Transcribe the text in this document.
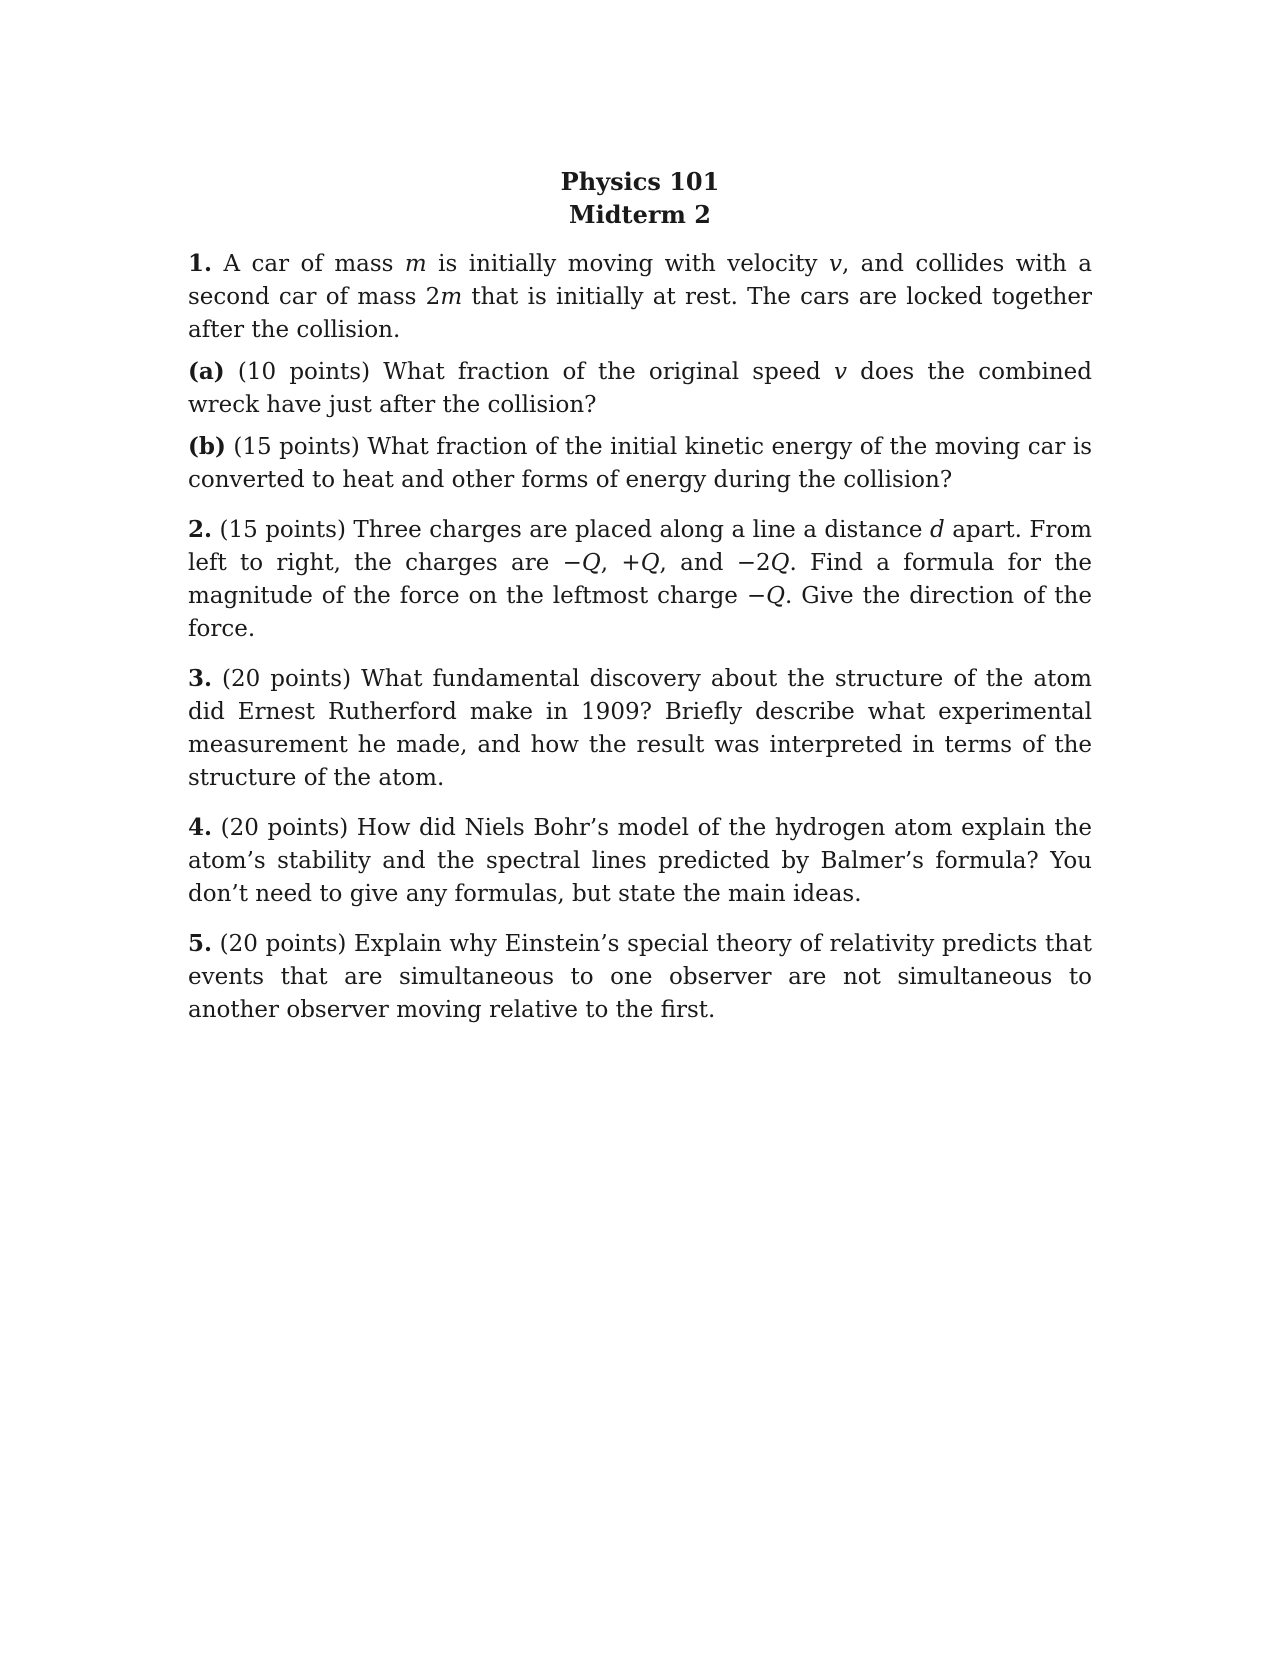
Physics 101
Midterm 2

1. A car of mass m is initially moving with velocity v, and collides with a second car of mass 2m that is initially at rest. The cars are locked together after the collision.

(a) (10 points) What fraction of the original speed v does the combined wreck have just after the collision?

(b) (15 points) What fraction of the initial kinetic energy of the moving car is converted to heat and other forms of energy during the collision?

2. (15 points) Three charges are placed along a line a distance d apart. From left to right, the charges are −Q, +Q, and −2Q. Find a formula for the magnitude of the force on the leftmost charge −Q. Give the direction of the force.

3. (20 points) What fundamental discovery about the structure of the atom did Ernest Rutherford make in 1909? Briefly describe what experimental measurement he made, and how the result was interpreted in terms of the structure of the atom.

4. (20 points) How did Niels Bohr’s model of the hydrogen atom explain the atom’s stability and the spectral lines predicted by Balmer’s formula? You don’t need to give any formulas, but state the main ideas.

5. (20 points) Explain why Einstein’s special theory of relativity predicts that events that are simultaneous to one observer are not simultaneous to another observer moving relative to the first.
